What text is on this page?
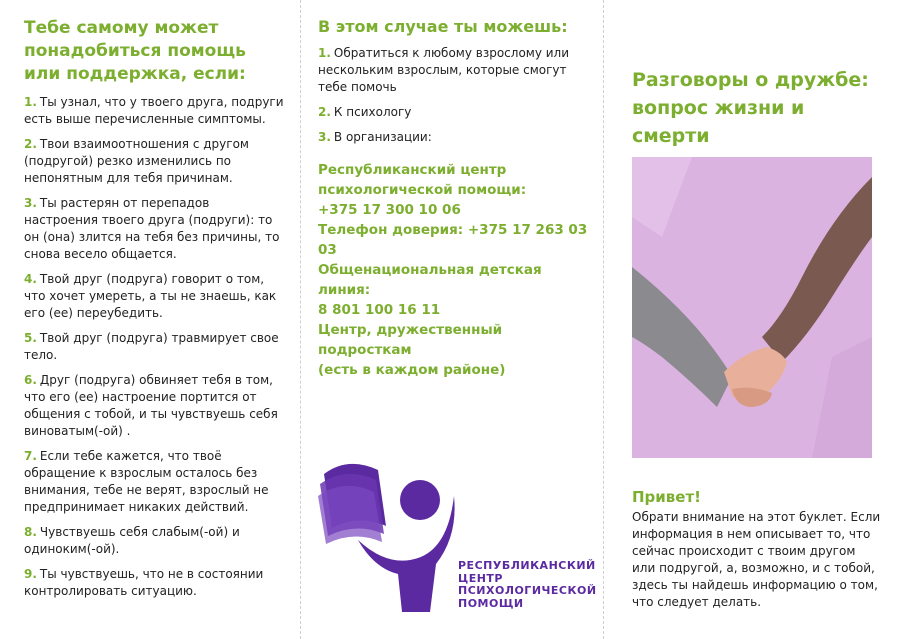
Тебе самому может понадобиться помощь или поддержка, если:
1. Ты узнал, что у твоего друга, подруги есть выше перечисленные симптомы.
2. Твои взаимоотношения с другом (подругой) резко изменились по непонятным для тебя причинам.
3. Ты растерян от перепадов настроения твоего друга (подруги): то он (она) злится на тебя без причины, то снова весело общается.
4. Твой друг (подруга) говорит о том, что хочет умереть, а ты не знаешь, как его (ее) переубедить.
5. Твой друг (подруга) травмирует свое тело.
6. Друг (подруга) обвиняет тебя в том, что его (ее) настроение портится от общения с тобой, и ты чувствуешь себя виноватым(-ой) .
7. Если тебе кажется, что твоё обращение к взрослым осталось без внимания, тебе не верят, взрослый не предпринимает никаких действий.
8. Чувствуешь себя слабым(-ой) и одиноким(-ой).
9. Ты чувствуешь, что не в состоянии контролировать ситуацию.
В этом случае ты можешь:
1. Обратиться к любому взрослому или нескольким взрослым, которые смогут тебе помочь
2. К психологу
3. В организации:
Республиканский центр
психологической помощи:
+375 17 300 10 06
Телефон доверия: +375 17 263 03 03
Общенациональная детская линия:
8 801 100 16 11
Центр, дружественный подросткам
(есть в каждом районе)
РЕСПУБЛИКАНСКИЙ
ЦЕНТР
ПСИХОЛОГИЧЕСКОЙ
ПОМОЩИ
Разговоры о дружбе: вопрос жизни и смерти
Привет!
Обрати внимание на этот буклет. Если информация в нем описывает то, что сейчас происходит с твоим другом или подругой, а, возможно, и с тобой, здесь ты найдешь информацию о том, что следует делать.
